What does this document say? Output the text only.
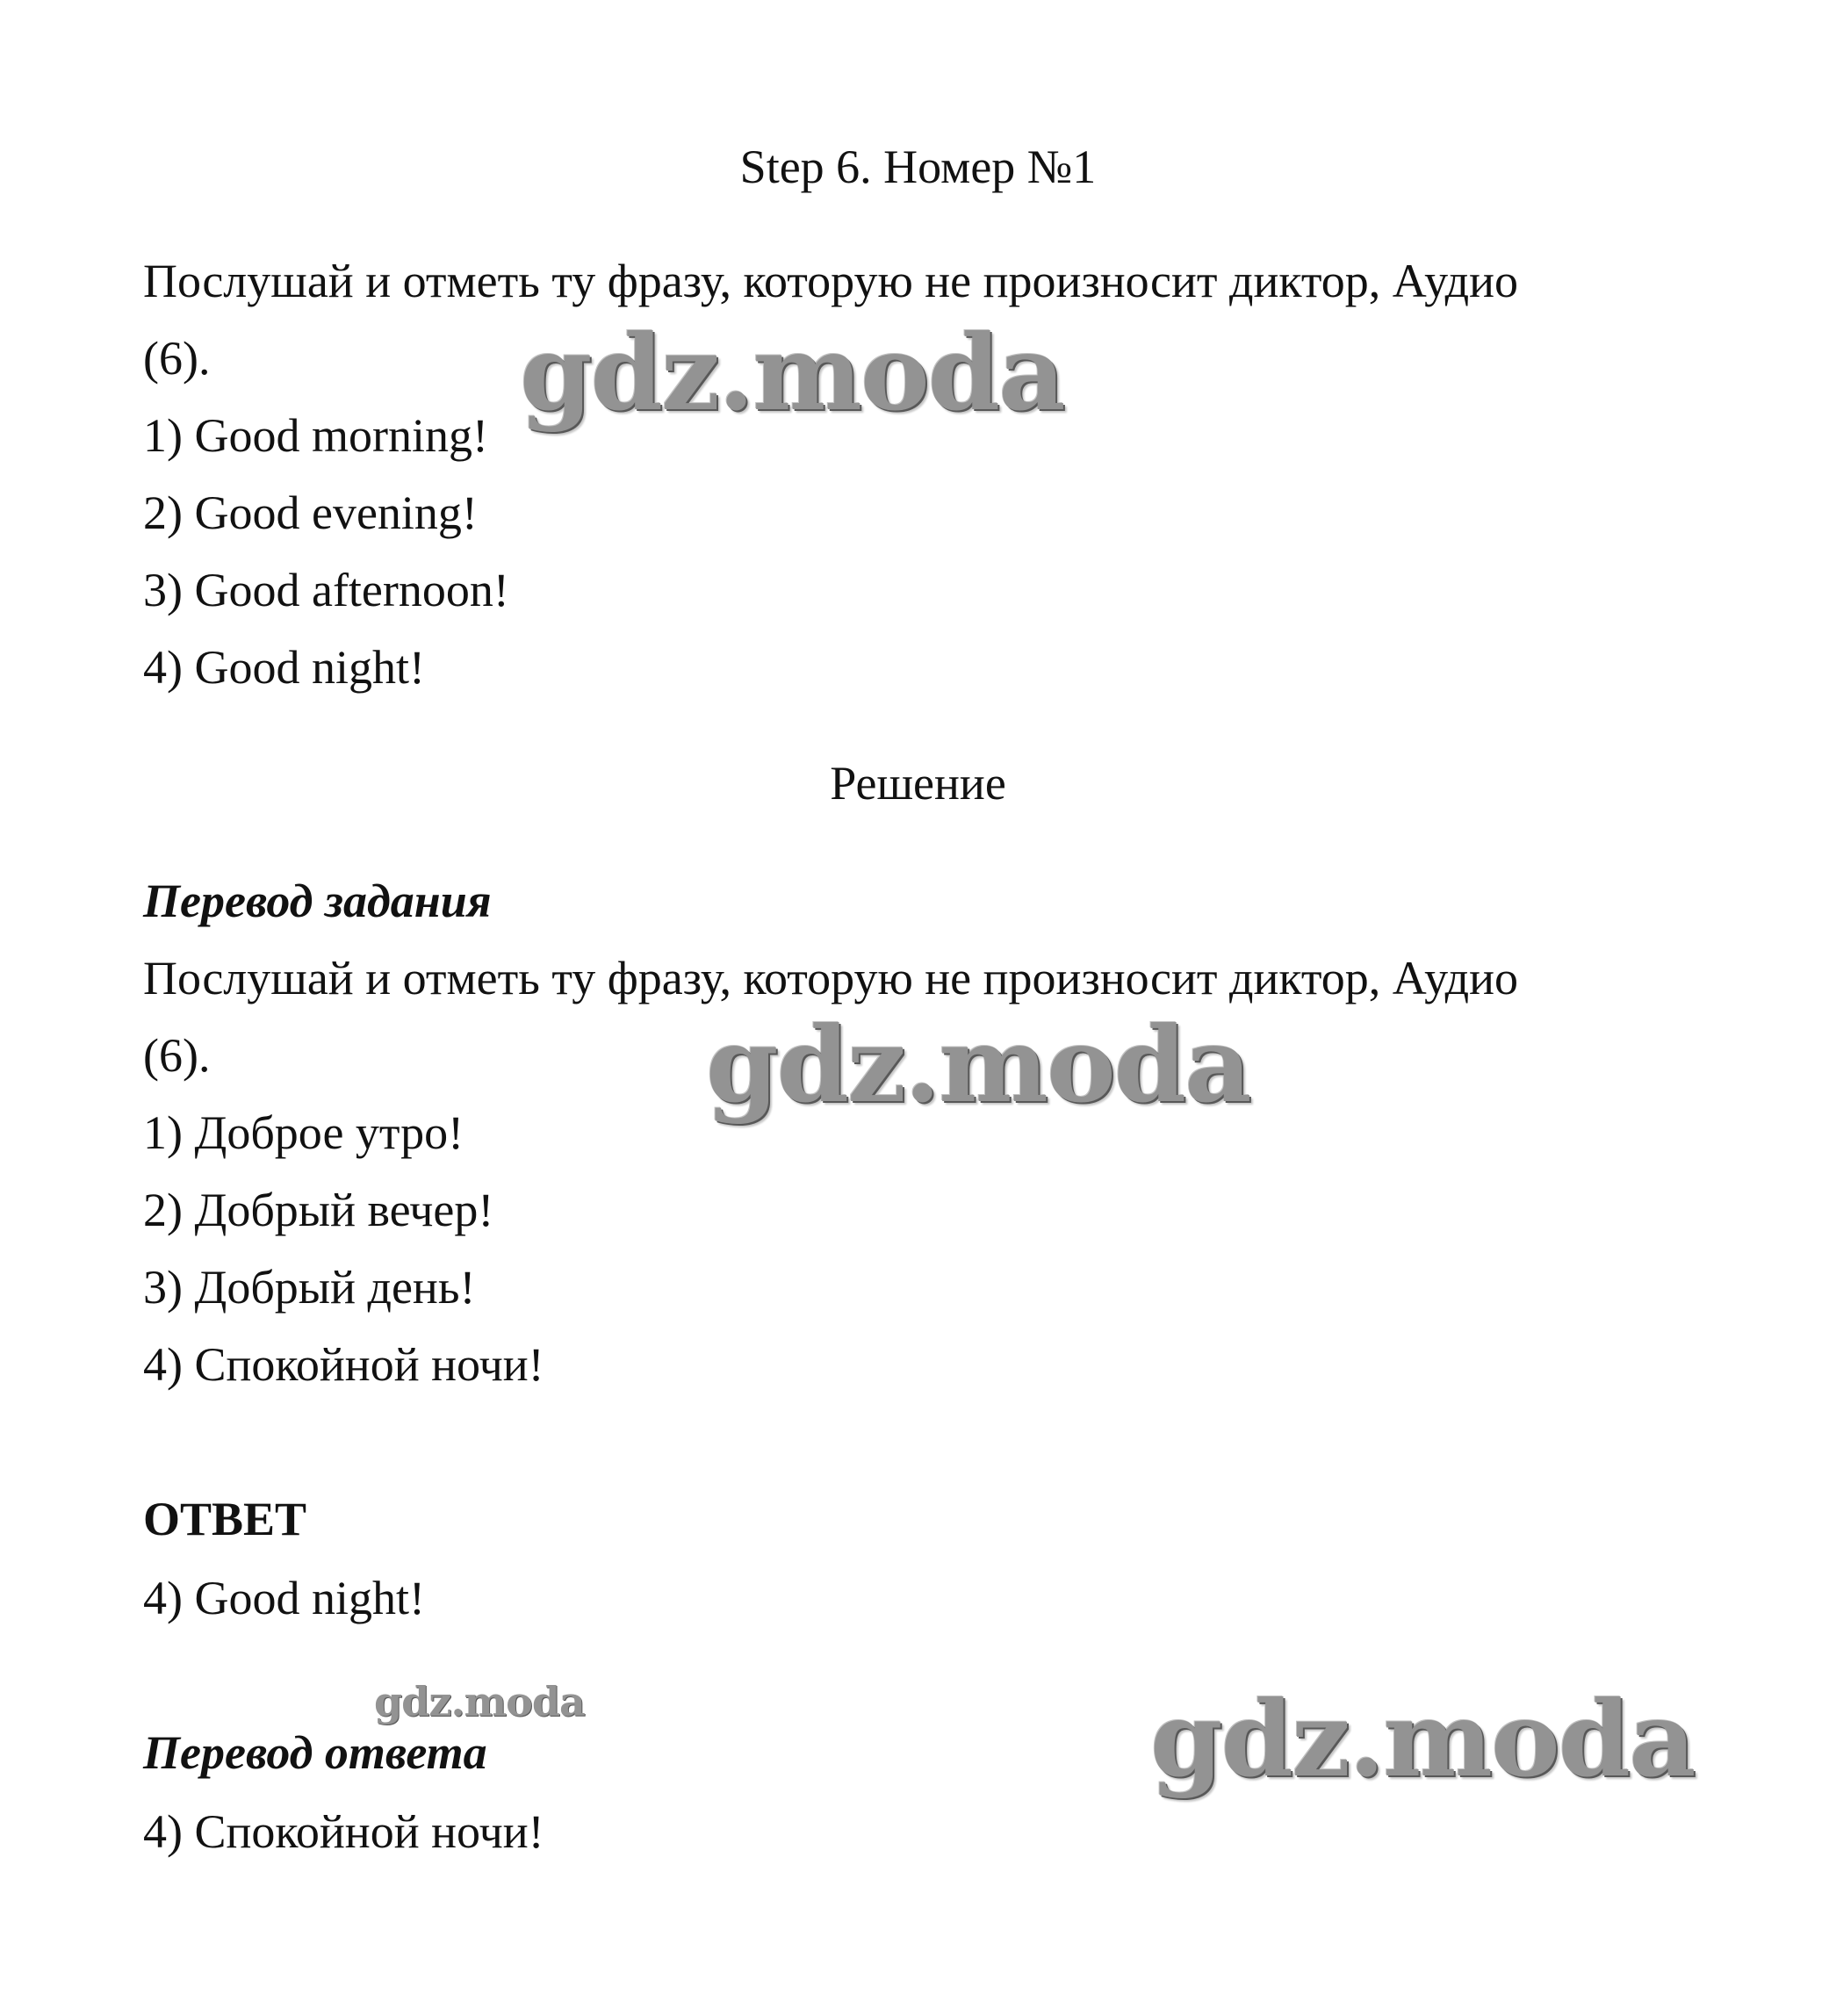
Step 6. Номер №1
Послушай и отметь ту фразу, которую не произносит диктор, Аудио
(6).
1) Good morning!
2) Good evening!
3) Good afternoon!
4) Good night!
Решение
Перевод задания
Послушай и отметь ту фразу, которую не произносит диктор, Аудио
(6).
1) Доброе утро!
2) Добрый вечер!
3) Добрый день!
4) Спокойной ночи!
ОТВЕТ
4) Good night!
Перевод ответа
4) Спокойной ночи!
gdz.moda
gdz.moda
gdz.moda	gdz.moda
